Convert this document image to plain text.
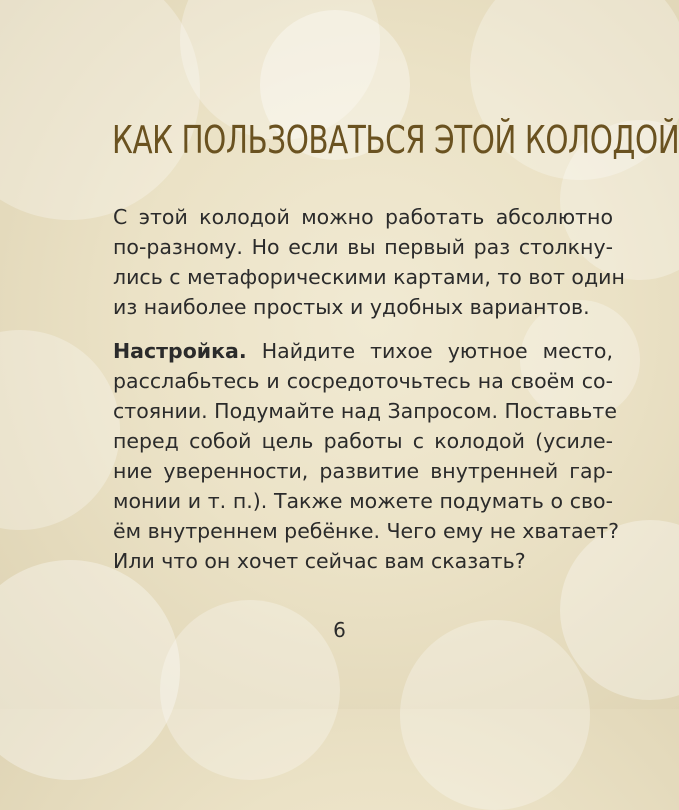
КАК ПОЛЬЗОВАТЬСЯ ЭТОЙ КОЛОДОЙ

С этой колодой можно работать абсолютно
по-разному. Но если вы первый раз столкну-
лись с метафорическими картами, то вот один
из наиболее простых и удобных вариантов.

Настройка. Найдите тихое уютное место,
расслабьтесь и сосредоточьтесь на своём со-
стоянии. Подумайте над Запросом. Поставьте
перед собой цель работы с колодой (усиле-
ние уверенности, развитие внутренней гар-
монии и т. п.). Также можете подумать о сво-
ём внутреннем ребёнке. Чего ему не хватает?
Или что он хочет сейчас вам сказать?

6
